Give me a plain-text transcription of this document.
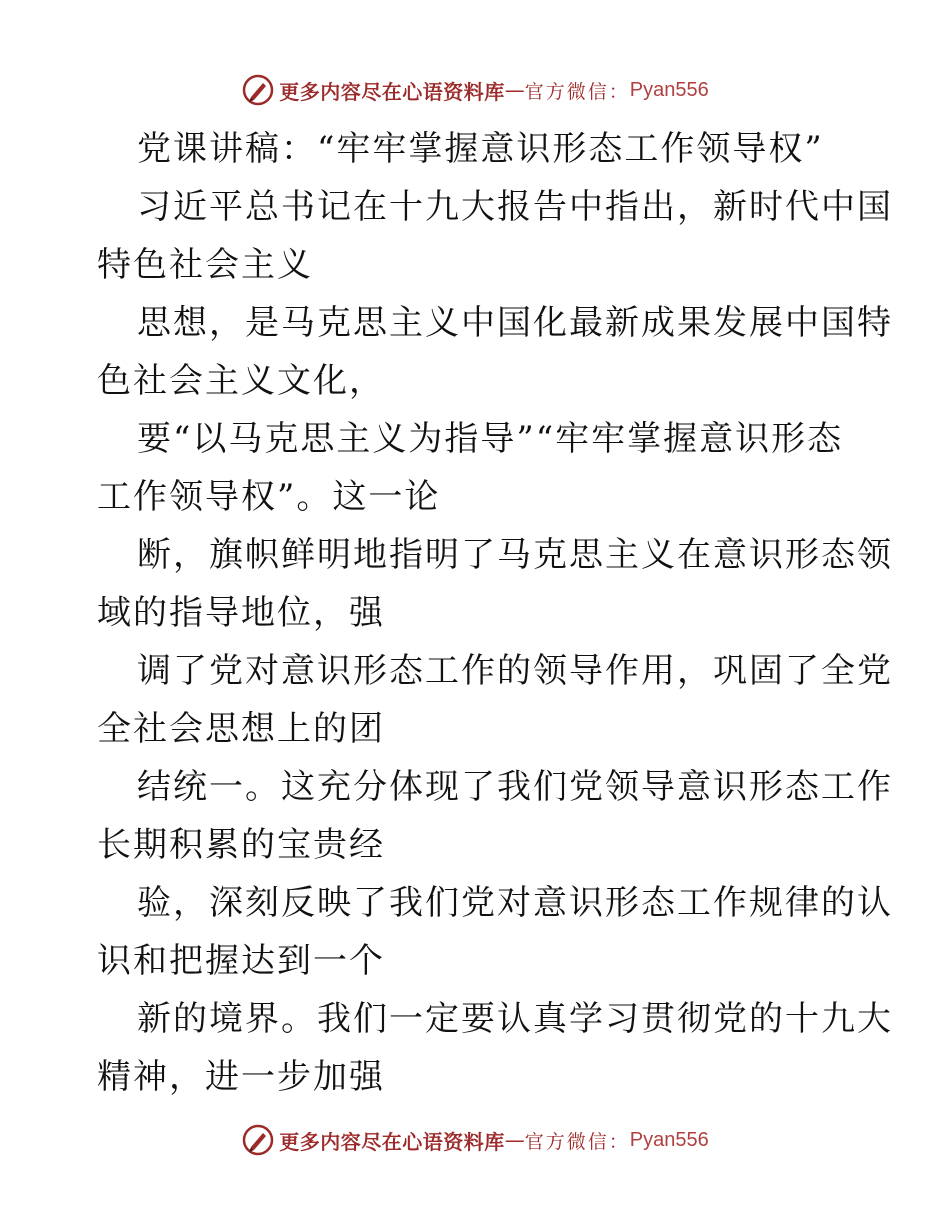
更多内容尽在心语资料库 — 官方微信： Pyan556
党课讲稿：“牢牢掌握意识形态工作领导权”
习近平总书记在十九大报告中指出，新时代中国
特色社会主义
思想，是马克思主义中国化最新成果发展中国特
色社会主义文化，
要“以马克思主义为指导”“牢牢掌握意识形态
工作领导权”。这一论
断，旗帜鲜明地指明了马克思主义在意识形态领
域的指导地位，强
调了党对意识形态工作的领导作用，巩固了全党
全社会思想上的团
结统一。这充分体现了我们党领导意识形态工作
长期积累的宝贵经
验，深刻反映了我们党对意识形态工作规律的认
识和把握达到一个
新的境界。我们一定要认真学习贯彻党的十九大
精神，进一步加强
更多内容尽在心语资料库 — 官方微信： Pyan556
